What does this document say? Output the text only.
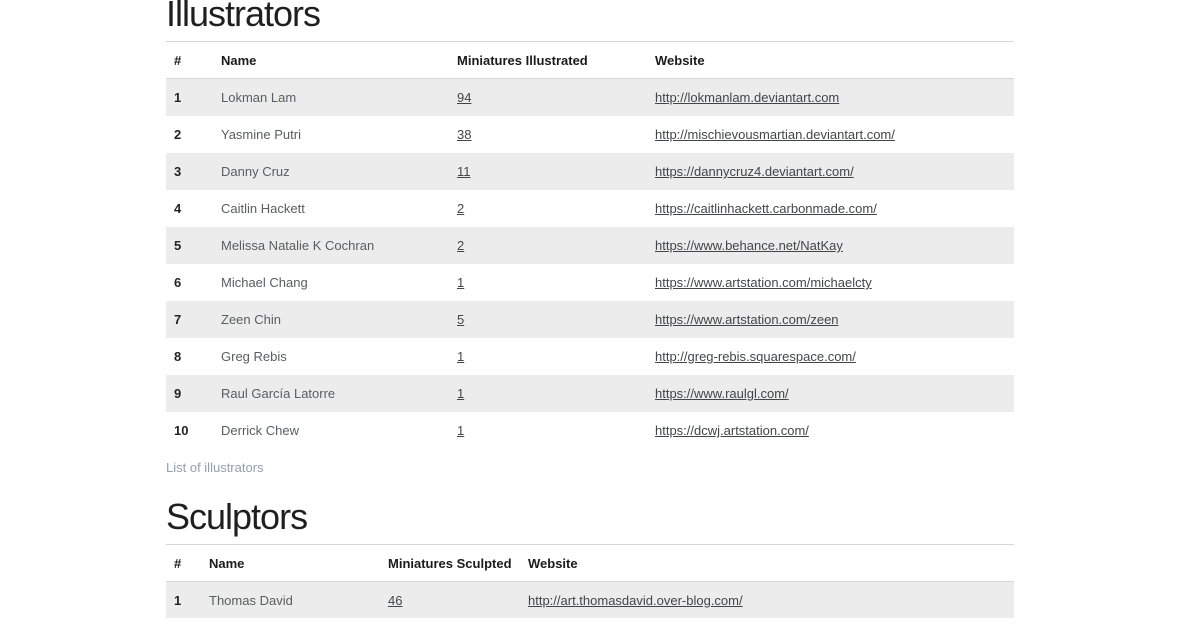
Illustrators
#	Name	Miniatures Illustrated	Website
1	Lokman Lam	94	http://lokmanlam.deviantart.com
2	Yasmine Putri	38	http://mischievousmartian.deviantart.com/
3	Danny Cruz	11	https://dannycruz4.deviantart.com/
4	Caitlin Hackett	2	https://caitlinhackett.carbonmade.com/
5	Melissa Natalie K Cochran	2	https://www.behance.net/NatKay
6	Michael Chang	1	https://www.artstation.com/michaelcty
7	Zeen Chin	5	https://www.artstation.com/zeen
8	Greg Rebis	1	http://greg-rebis.squarespace.com/
9	Raul García Latorre	1	https://www.raulgl.com/
10	Derrick Chew	1	https://dcwj.artstation.com/
List of illustrators
Sculptors
#	Name	Miniatures Sculpted	Website
1	Thomas David	46	http://art.thomasdavid.over-blog.com/
